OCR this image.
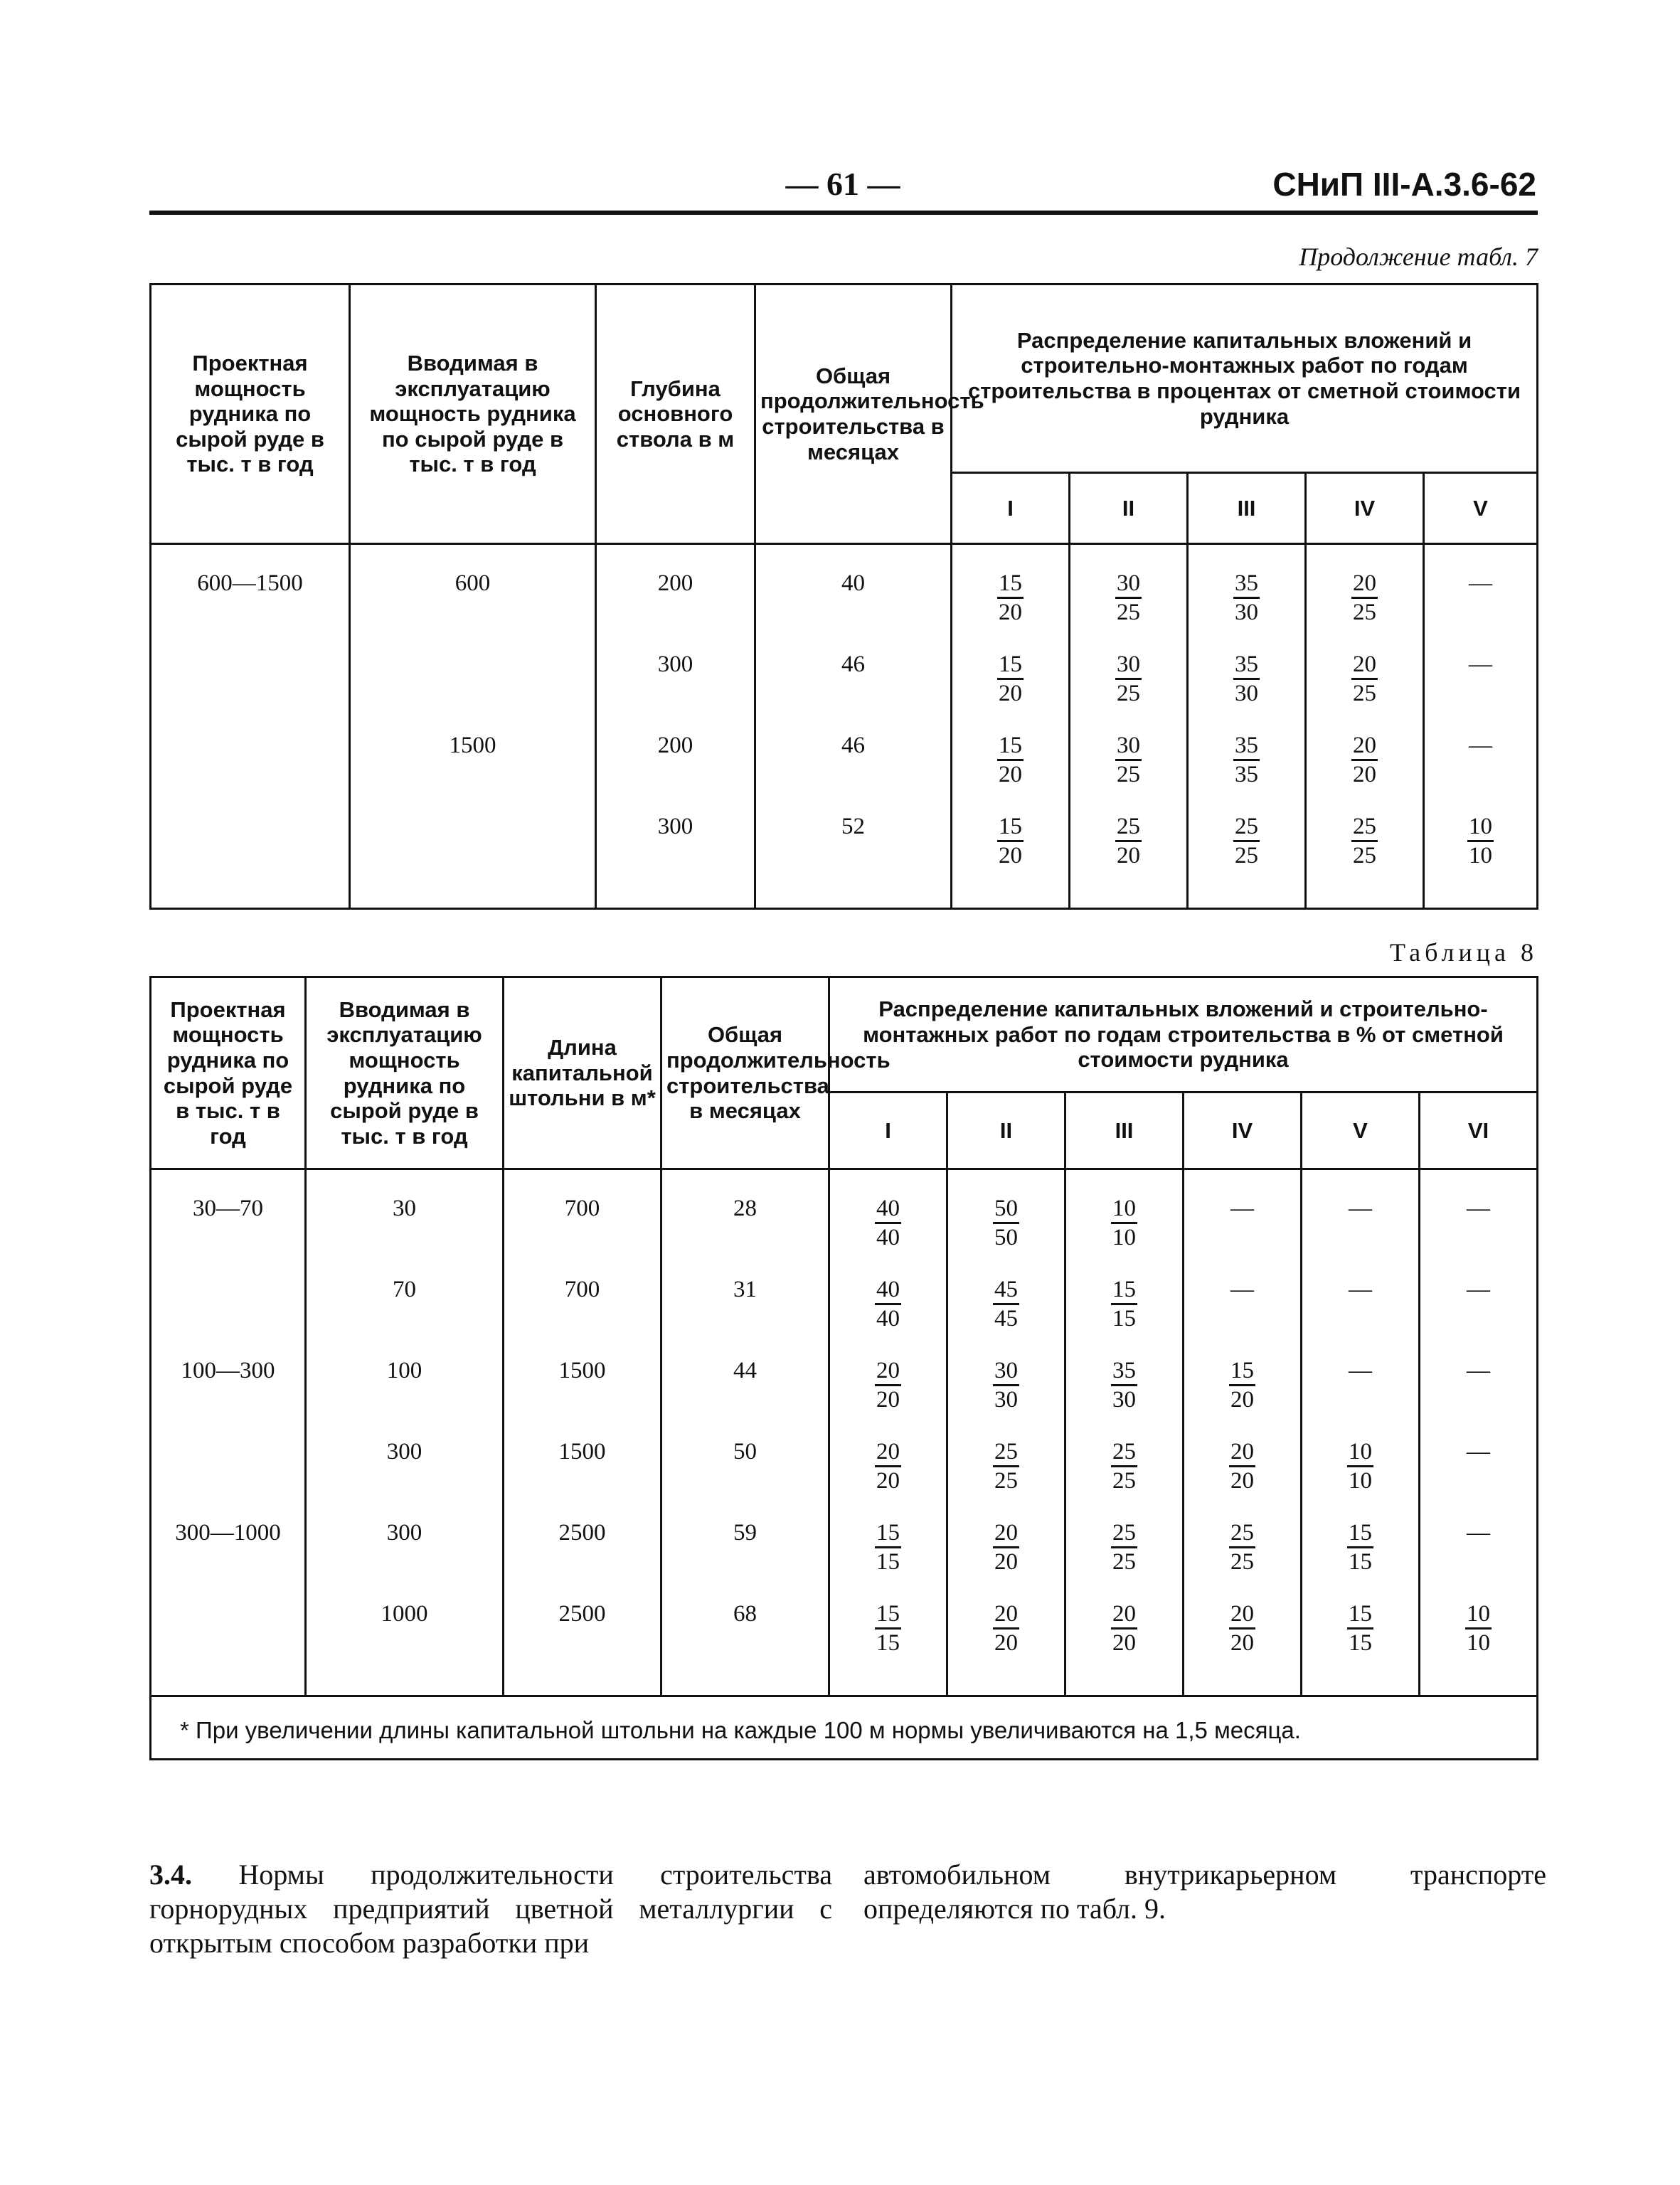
— 61 —	СНиП III-А.3.6-62
Продолжение табл. 7
Проектная мощность рудника по сырой руде в тыс. т в год	Вводимая в эксплуатацию мощность рудника по сырой руде в тыс. т в год	Глубина основного ствола в м	Общая продолжительность строительства в месяцах	Распределение капитальных вложений и строительно-монтажных работ по годам строительства в процентах от сметной стоимости рудника				
				I	II	III	IV	V
600—1500	600	200	40	$\frac{15}{20}$	$\frac{30}{25}$	$\frac{35}{30}$	$\frac{20}{25}$	—
		300	46	$\frac{15}{20}$	$\frac{30}{25}$	$\frac{35}{30}$	$\frac{20}{25}$	—
	1500	200	46	$\frac{15}{20}$	$\frac{30}{25}$	$\frac{35}{35}$	$\frac{20}{20}$	—
		300	52	$\frac{15}{20}$	$\frac{25}{20}$	$\frac{25}{25}$	$\frac{25}{25}$	$\frac{10}{10}$
Таблица 8
Проектная мощность рудника по сырой руде в тыс. т в год	Вводимая в эксплуатацию мощность рудника по сырой руде в тыс. т в год	Длина капитальной штольни в м*	Общая продолжительность строительства в месяцах	Распределение капитальных вложений и строительно-монтажных работ по годам строительства в % от сметной стоимости рудника					
				I	II	III	IV	V	VI
30—70	30	700	28	$\frac{40}{40}$	$\frac{50}{50}$	$\frac{10}{10}$	—	—	—
	70	700	31	$\frac{40}{40}$	$\frac{45}{45}$	$\frac{15}{15}$	—	—	—
100—300	100	1500	44	$\frac{20}{20}$	$\frac{30}{30}$	$\frac{35}{30}$	$\frac{15}{20}$	—	—
	300	1500	50	$\frac{20}{20}$	$\frac{25}{25}$	$\frac{25}{25}$	$\frac{20}{20}$	$\frac{10}{10}$	—
300—1000	300	2500	59	$\frac{15}{15}$	$\frac{20}{20}$	$\frac{25}{25}$	$\frac{25}{25}$	$\frac{15}{15}$	—
	1000	2500	68	$\frac{15}{15}$	$\frac{20}{20}$	$\frac{20}{20}$	$\frac{20}{20}$	$\frac{15}{15}$	$\frac{10}{10}$

* При увеличении длины капитальной штольни на каждые 100 м нормы увеличиваются на 1,5 месяца.									
3.4. Нормы продолжительности строительства горнорудных предприятий цветной металлургии с открытым способом разработки при
автомобильном внутрикарьерном транспорте определяются по табл. 9.
